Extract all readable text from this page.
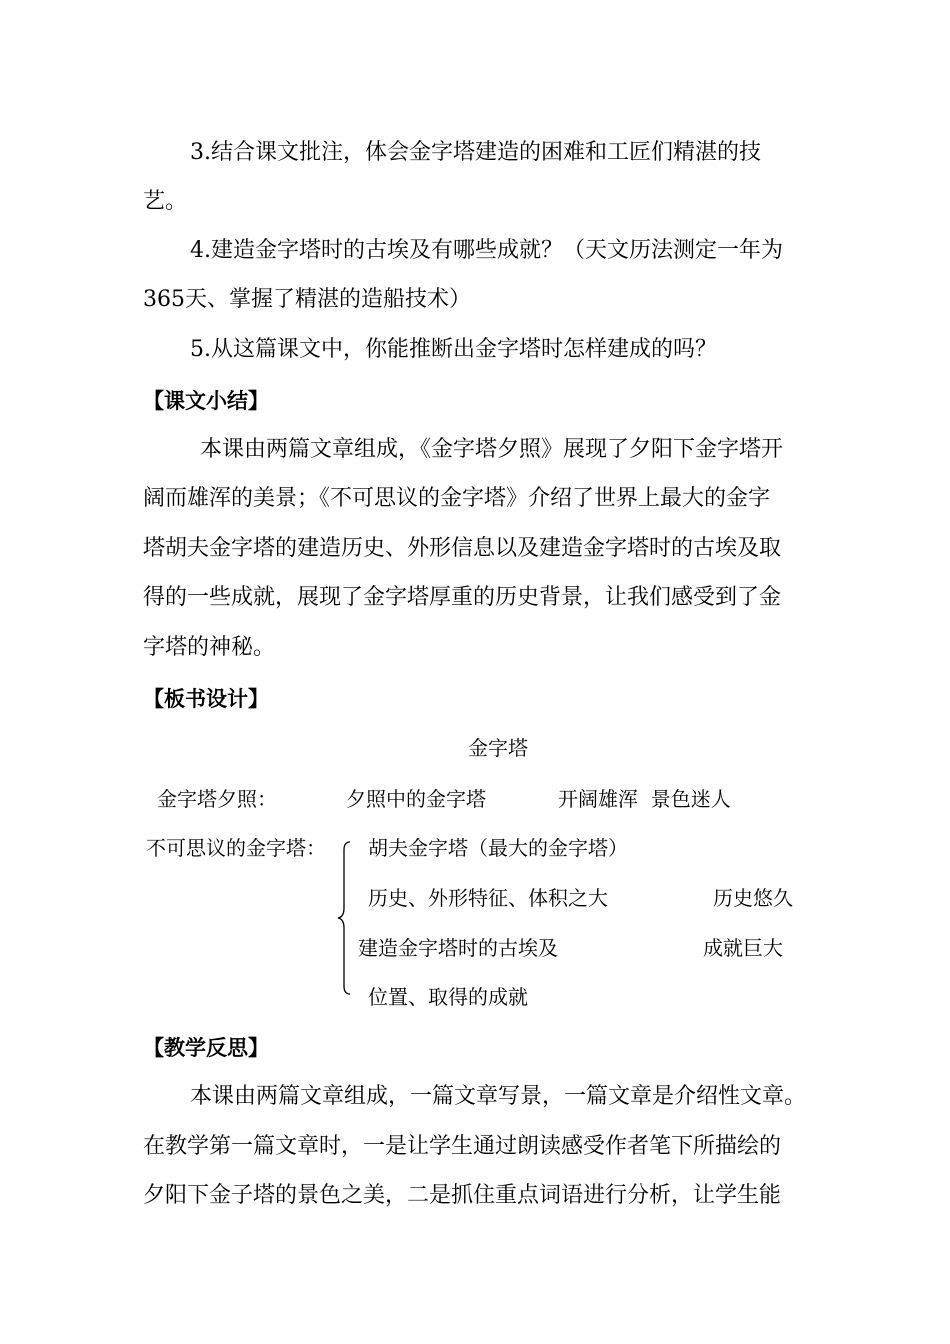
3.结合课文批注，体会金字塔建造的困难和工匠们精湛的技
艺。
4.建造金字塔时的古埃及有哪些成就？（天文历法测定一年为
365天、掌握了精湛的造船技术）
5.从这篇课文中，你能推断出金字塔时怎样建成的吗？
【课文小结】
本课由两篇文章组成，《金字塔夕照》展现了夕阳下金字塔开
阔而雄浑的美景；《不可思议的金字塔》介绍了世界上最大的金字
塔胡夫金字塔的建造历史、外形信息以及建造金字塔时的古埃及取
得的一些成就，展现了金字塔厚重的历史背景，让我们感受到了金
字塔的神秘。
【板书设计】
金字塔
金字塔夕照：	夕照中的金字塔	开阔雄浑  景色迷人
不可思议的金字塔： 胡夫金字塔（最大的金字塔）
历史、外形特征、体积之大	历史悠久
建造金字塔时的古埃及	成就巨大
位置、取得的成就
【教学反思】
本课由两篇文章组成，一篇文章写景，一篇文章是介绍性文章。
在教学第一篇文章时，一是让学生通过朗读感受作者笔下所描绘的
夕阳下金子塔的景色之美，二是抓住重点词语进行分析，让学生能
